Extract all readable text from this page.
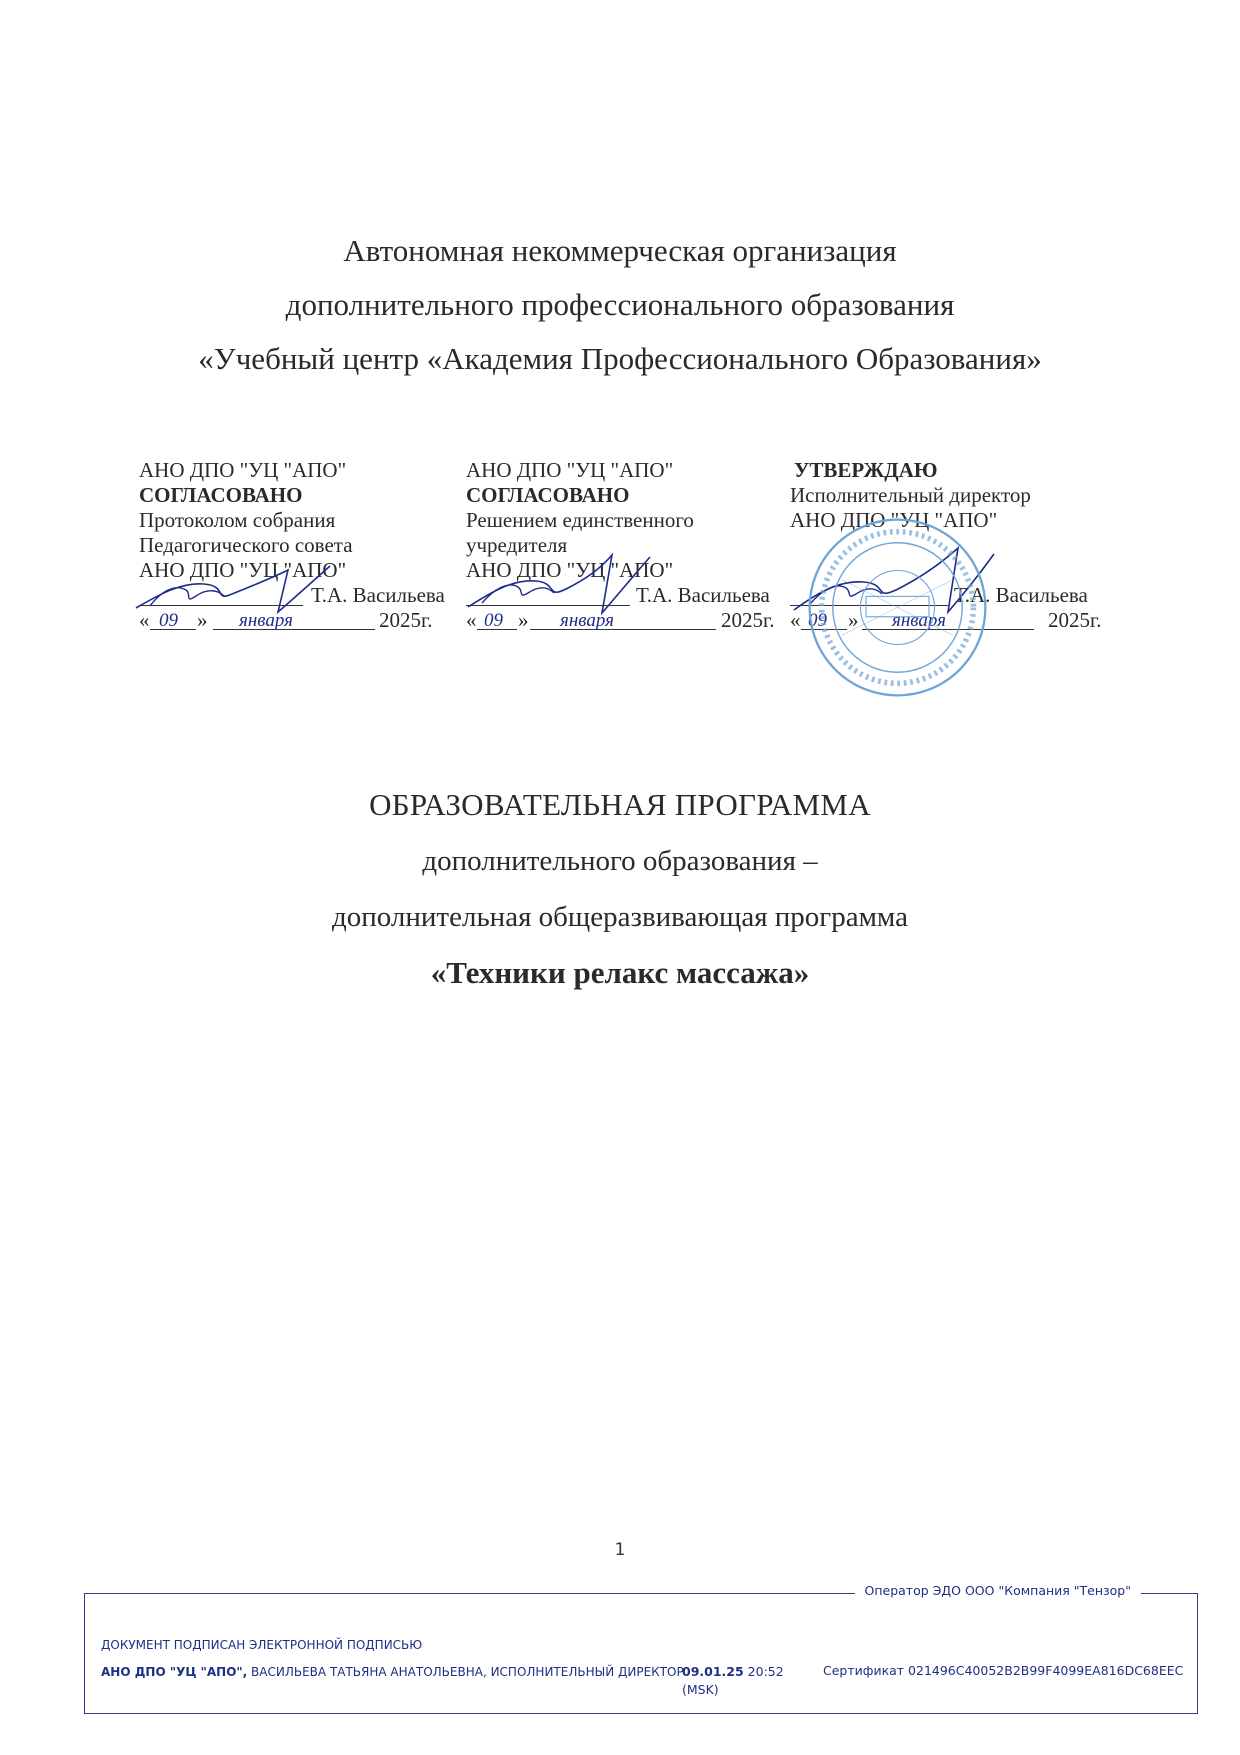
Автономная некоммерческая организация
дополнительного профессионального образования
«Учебный центр «Академия Профессионального Образования»
АНО ДПО "УЦ "АПО"
СОГЛАСОВАНО
Протоколом собрания
Педагогического совета
АНО ДПО "УЦ "АПО"
Т.А. Васильева
« 09 » января	2025г.
АНО ДПО "УЦ "АПО"
СОГЛАСОВАНО
Решением единственного
учредителя
АНО ДПО "УЦ "АПО"
Т.А. Васильева
« 09 » января	2025г.
УТВЕРЖДАЮ
Исполнительный директор
АНО ДПО "УЦ "АПО"
Т.А. Васильева
« 09 » января	2025г.
ОБРАЗОВАТЕЛЬНАЯ ПРОГРАММА
дополнительного образования –
дополнительная общеразвивающая программа
«Техники релакс массажа»
1
Оператор ЭДО ООО "Компания "Тензор"
ДОКУМЕНТ ПОДПИСАН ЭЛЕКТРОННОЙ ПОДПИСЬЮ
АНО ДПО "УЦ "АПО", ВАСИЛЬЕВА ТАТЬЯНА АНАТОЛЬЕВНА, ИСПОЛНИТЕЛЬНЫЙ ДИРЕКТОР
09.01.25 20:52
(MSK)
Сертификат 021496C40052B2B99F4099EA816DC68EEC
